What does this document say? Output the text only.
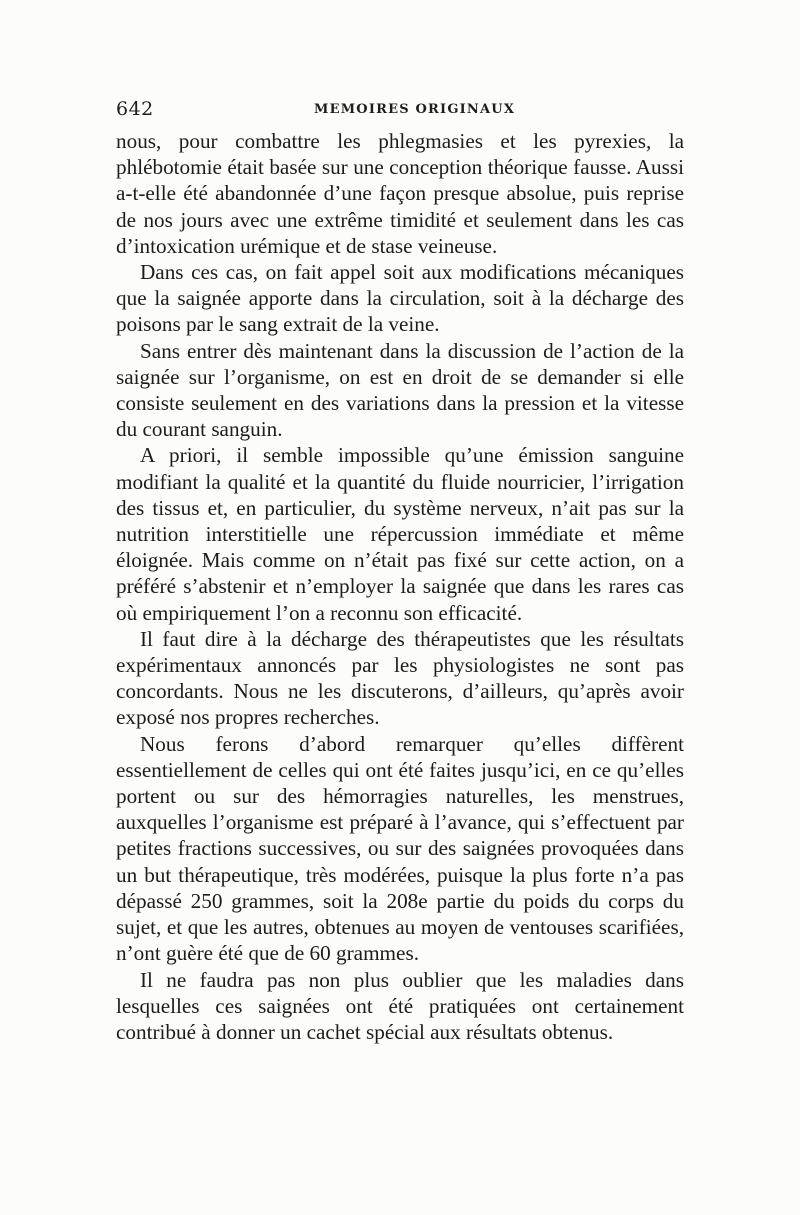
642	MEMOIRES ORIGINAUX

nous, pour combattre les phlegmasies et les pyrexies, la phlébotomie était basée sur une conception théorique fausse. Aussi a-t-elle été abandonnée d’une façon presque absolue, puis reprise de nos jours avec une extrême timidité et seulement dans les cas d’intoxication urémique et de stase veineuse.

Dans ces cas, on fait appel soit aux modifications mécaniques que la saignée apporte dans la circulation, soit à la décharge des poisons par le sang extrait de la veine.

Sans entrer dès maintenant dans la discussion de l’action de la saignée sur l’organisme, on est en droit de se demander si elle consiste seulement en des variations dans la pression et la vitesse du courant sanguin.

A priori, il semble impossible qu’une émission sanguine modifiant la qualité et la quantité du fluide nourricier, l’irrigation des tissus et, en particulier, du système nerveux, n’ait pas sur la nutrition interstitielle une répercussion immédiate et même éloignée. Mais comme on n’était pas fixé sur cette action, on a préféré s’abstenir et n’employer la saignée que dans les rares cas où empiriquement l’on a reconnu son efficacité.

Il faut dire à la décharge des thérapeutistes que les résultats expérimentaux annoncés par les physiologistes ne sont pas concordants. Nous ne les discuterons, d’ailleurs, qu’après avoir exposé nos propres recherches.

Nous ferons d’abord remarquer qu’elles diffèrent essentiellement de celles qui ont été faites jusqu’ici, en ce qu’elles portent ou sur des hémorragies naturelles, les menstrues, auxquelles l’organisme est préparé à l’avance, qui s’effectuent par petites fractions successives, ou sur des saignées provoquées dans un but thérapeutique, très modérées, puisque la plus forte n’a pas dépassé 250 grammes, soit la 208e partie du poids du corps du sujet, et que les autres, obtenues au moyen de ventouses scarifiées, n’ont guère été que de 60 grammes.

Il ne faudra pas non plus oublier que les maladies dans lesquelles ces saignées ont été pratiquées ont certainement contribué à donner un cachet spécial aux résultats obtenus.
